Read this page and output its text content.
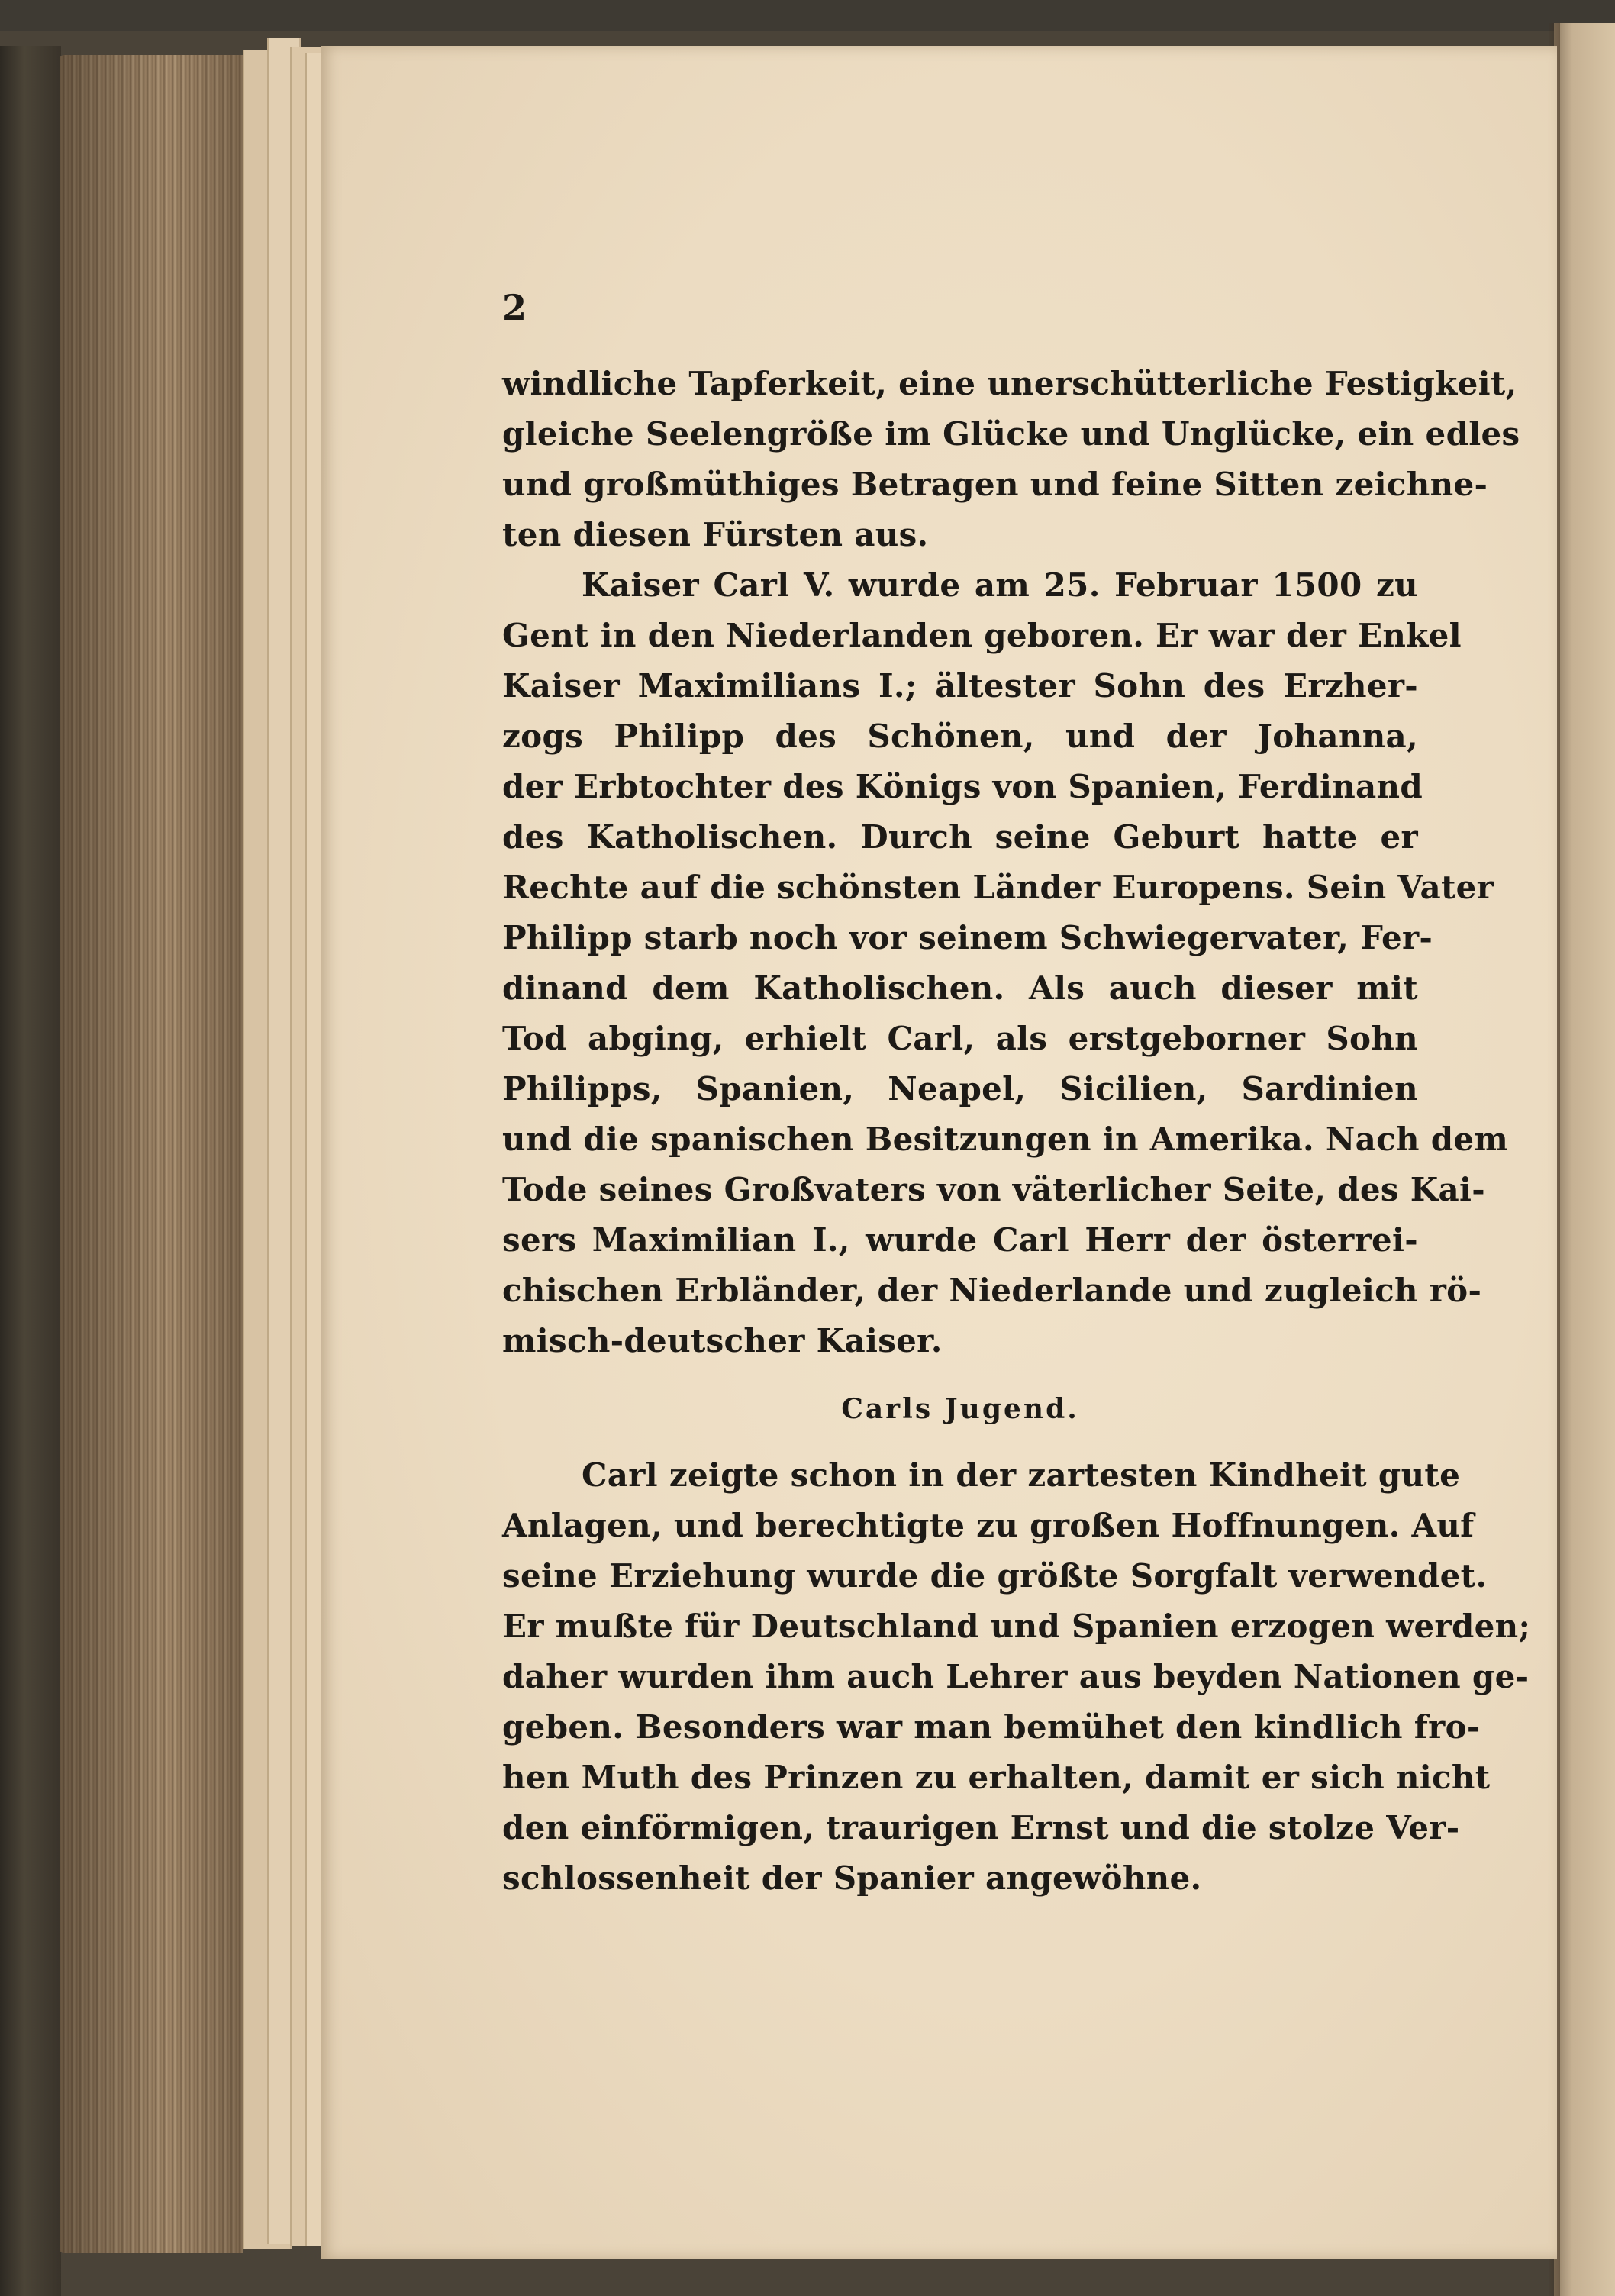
2
windliche Tapferkeit, eine unerschütterliche Festigkeit,
gleiche Seelengröße im Glücke und Unglücke, ein edles
und großmüthiges Betragen und feine Sitten zeichne-
ten diesen Fürsten aus.
Kaiser Carl V. wurde am 25. Februar 1500 zu
Gent in den Niederlanden geboren. Er war der Enkel
Kaiser Maximilians I.; ältester Sohn des Erzher-
zogs Philipp des Schönen, und der Johanna,
der Erbtochter des Königs von Spanien, Ferdinand
des Katholischen. Durch seine Geburt hatte er
Rechte auf die schönsten Länder Europens. Sein Vater
Philipp starb noch vor seinem Schwiegervater, Fer-
dinand dem Katholischen. Als auch dieser mit
Tod abging, erhielt Carl, als erstgeborner Sohn
Philipps, Spanien, Neapel, Sicilien, Sardinien
und die spanischen Besitzungen in Amerika. Nach dem
Tode seines Großvaters von väterlicher Seite, des Kai-
sers Maximilian I., wurde Carl Herr der österrei-
chischen Erbländer, der Niederlande und zugleich rö-
misch-deutscher Kaiser.
Carls Jugend.
Carl zeigte schon in der zartesten Kindheit gute
Anlagen, und berechtigte zu großen Hoffnungen. Auf
seine Erziehung wurde die größte Sorgfalt verwendet.
Er mußte für Deutschland und Spanien erzogen werden;
daher wurden ihm auch Lehrer aus beyden Nationen ge-
geben. Besonders war man bemühet den kindlich fro-
hen Muth des Prinzen zu erhalten, damit er sich nicht
den einförmigen, traurigen Ernst und die stolze Ver-
schlossenheit der Spanier angewöhne.
